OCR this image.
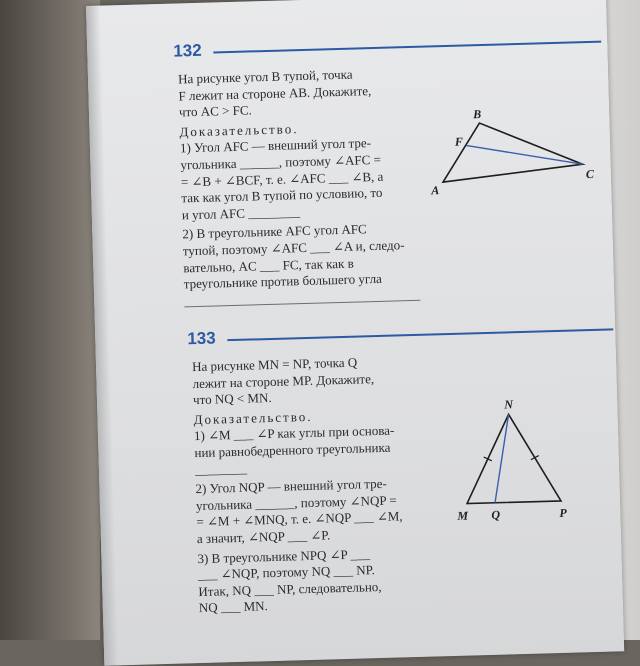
132
На рисунке угол B тупой, точка
F лежит на стороне AB. Докажите,
что AC > FC.
Доказательство.
1) Угол AFC — внешний угол тре-
угольника ______, поэтому ∠AFC =
= ∠B + ∠BCF, т. е. ∠AFC ___ ∠B, а
так как угол B тупой по условию, то
и угол AFC ________
2) В треугольнике AFC угол AFC
тупой, поэтому ∠AFC ___ ∠A и, следо-
вательно, AC ___ FC, так как в
треугольнике против большего угла
B
F
A
C
133
На рисунке MN = NP, точка Q
лежит на стороне MP. Докажите,
что NQ < MN.
Доказательство.
1) ∠M ___ ∠P как углы при основа-
нии равнобедренного треугольника
________
2) Угол NQP — внешний угол тре-
угольника ______, поэтому ∠NQP =
= ∠M + ∠MNQ, т. е. ∠NQP ___ ∠M,
а значит, ∠NQP ___ ∠P.
3) В треугольнике NPQ ∠P ___
___ ∠NQP, поэтому NQ ___ NP.
Итак, NQ ___ NP, следовательно,
NQ ___ MN.
N
M Q	P
